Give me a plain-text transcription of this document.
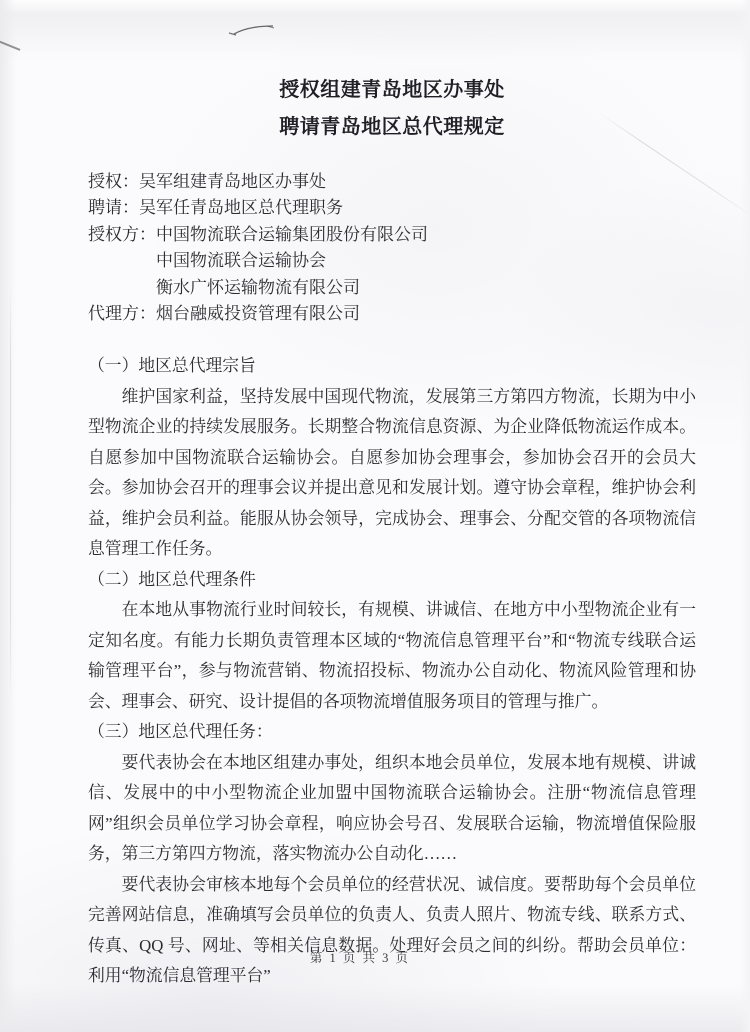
授权组建青岛地区办事处
聘请青岛地区总代理规定
授权：吴军组建青岛地区办事处
聘请：吴军任青岛地区总代理职务
授权方：中国物流联合运输集团股份有限公司
中国物流联合运输协会
衡水广怀运输物流有限公司
代理方：烟台融威投资管理有限公司
（一）地区总代理宗旨

维护国家利益，坚持发展中国现代物流，发展第三方第四方物流，长期为中小型物流企业的持续发展服务。长期整合物流信息资源、为企业降低物流运作成本。自愿参加中国物流联合运输协会。自愿参加协会理事会，参加协会召开的会员大会。参加协会召开的理事会议并提出意见和发展计划。遵守协会章程，维护协会利益，维护会员利益。能服从协会领导，完成协会、理事会、分配交管的各项物流信息管理工作任务。

（二）地区总代理条件

在本地从事物流行业时间较长，有规模、讲诚信、在地方中小型物流企业有一定知名度。有能力长期负责管理本区域的“物流信息管理平台”和“物流专线联合运输管理平台”，参与物流营销、物流招投标、物流办公自动化、物流风险管理和协会、理事会、研究、设计提倡的各项物流增值服务项目的管理与推广。

（三）地区总代理任务：

要代表协会在本地区组建办事处，组织本地会员单位，发展本地有规模、讲诚信、发展中的中小型物流企业加盟中国物流联合运输协会。注册“物流信息管理网”组织会员单位学习协会章程，响应协会号召、发展联合运输，物流增值保险服务，第三方第四方物流，落实物流办公自动化……

要代表协会审核本地每个会员单位的经营状况、诚信度。要帮助每个会员单位完善网站信息，准确填写会员单位的负责人、负责人照片、物流专线、联系方式、传真、QQ 号、网址、等相关信息数据。处理好会员之间的纠纷。帮助会员单位：利用“物流信息管理平台”

第 1 页 共 3 页
